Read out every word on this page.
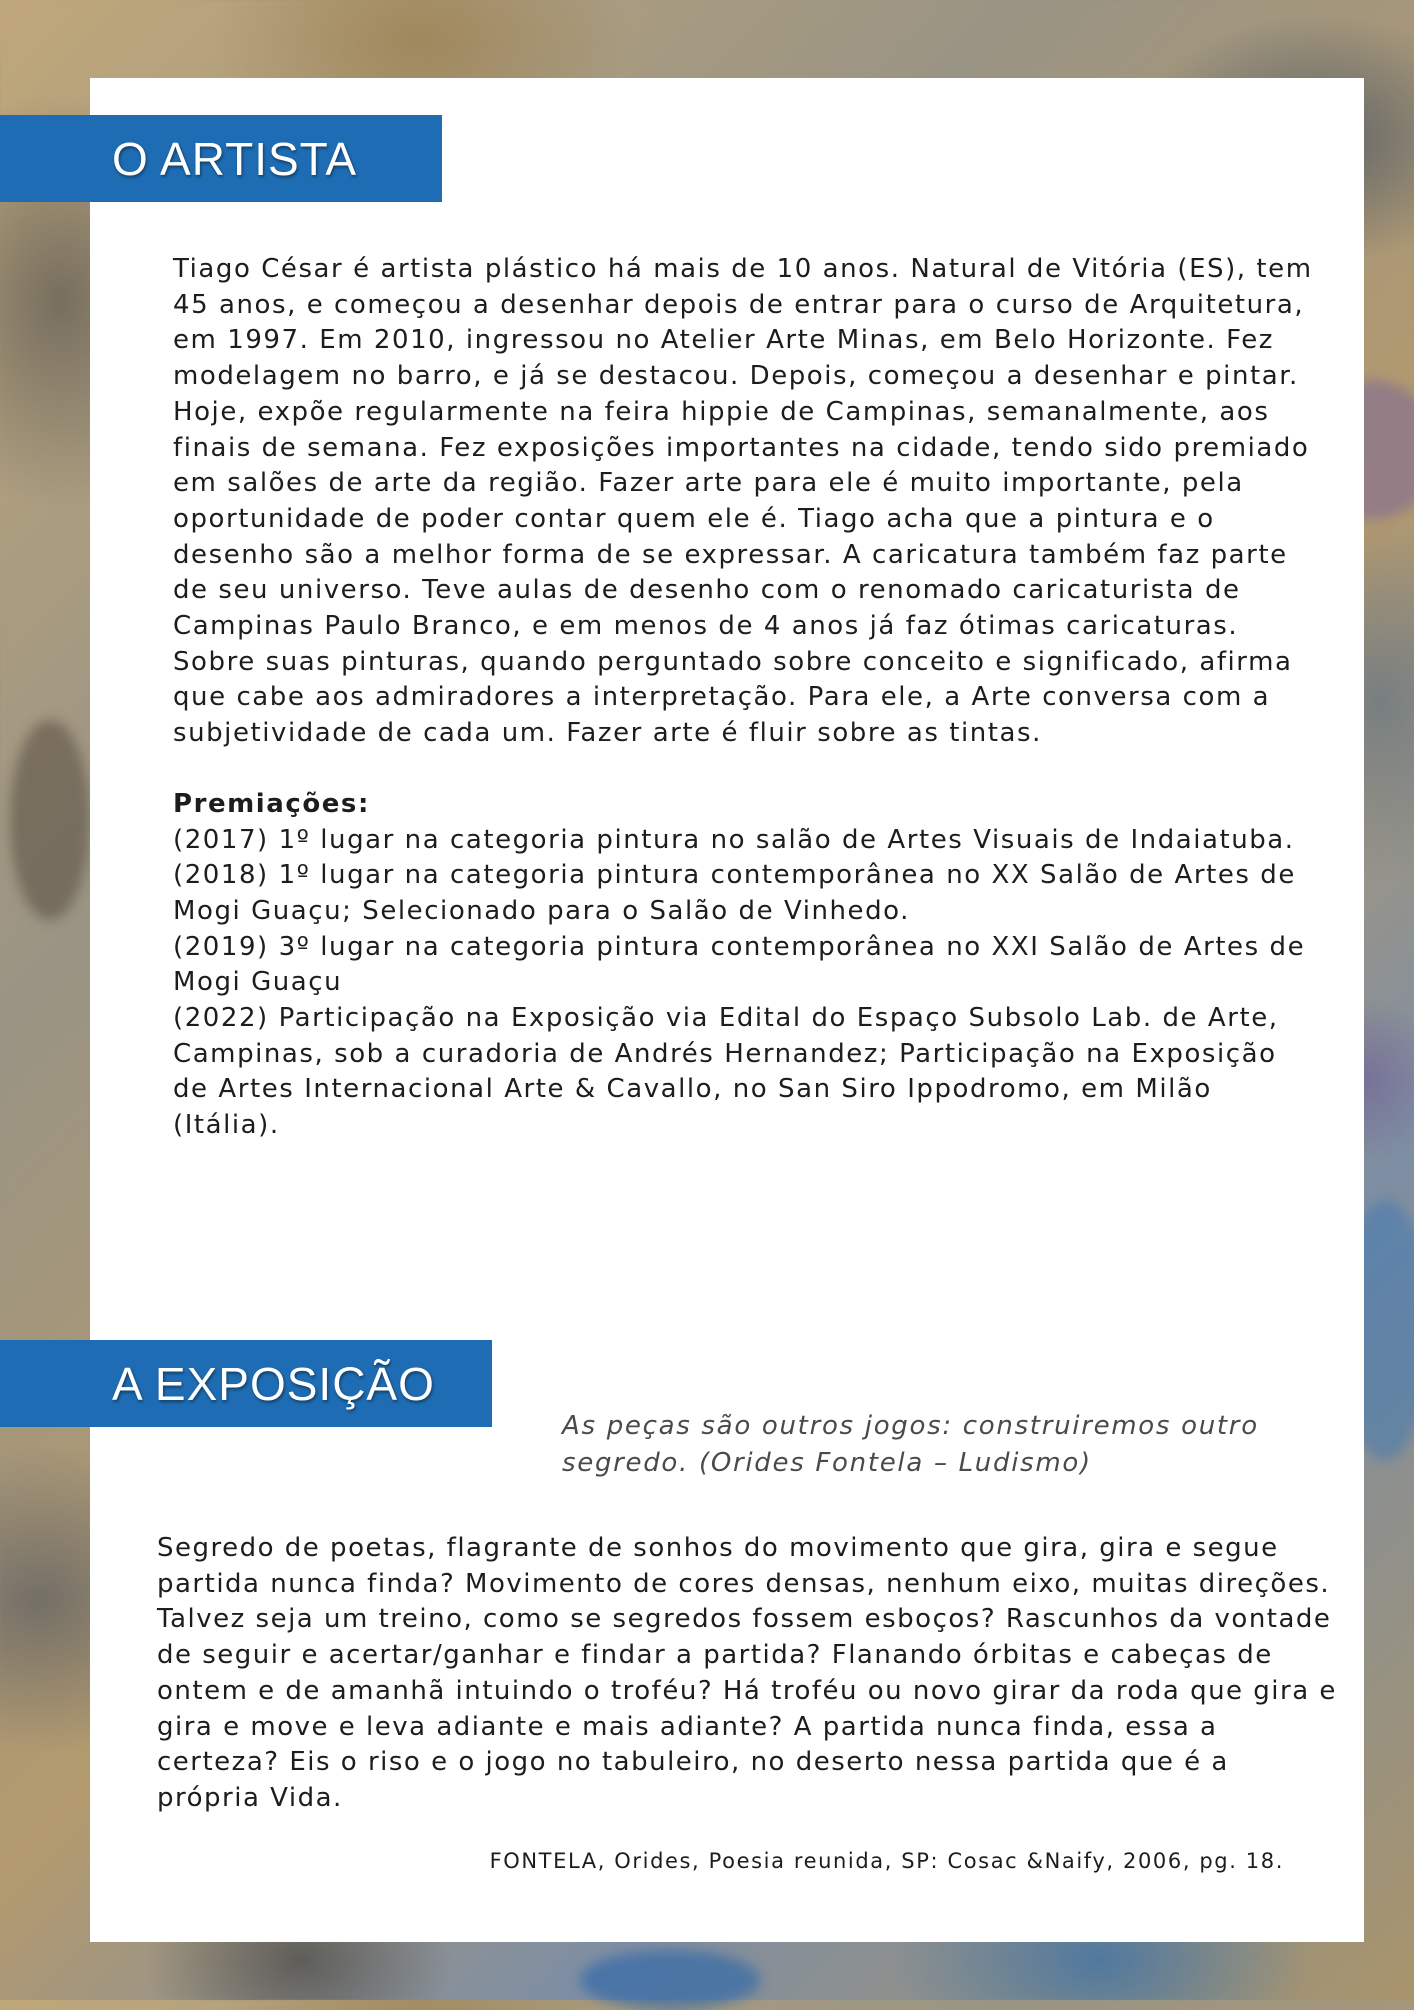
O ARTISTA

Tiago César é artista plástico há mais de 10 anos. Natural de Vitória (ES), tem 45 anos, e começou a desenhar depois de entrar para o curso de Arquitetura, em 1997. Em 2010, ingressou no Atelier Arte Minas, em Belo Horizonte. Fez modelagem no barro, e já se destacou. Depois, começou a desenhar e pintar. Hoje, expõe regularmente na feira hippie de Campinas, semanalmente, aos finais de semana. Fez exposições importantes na cidade, tendo sido premiado em salões de arte da região. Fazer arte para ele é muito importante, pela oportunidade de poder contar quem ele é. Tiago acha que a pintura e o desenho são a melhor forma de se expressar. A caricatura também faz parte de seu universo. Teve aulas de desenho com o renomado caricaturista de Campinas Paulo Branco, e em menos de 4 anos já faz ótimas caricaturas. Sobre suas pinturas, quando perguntado sobre conceito e significado, afirma que cabe aos admiradores a interpretação. Para ele, a Arte conversa com a subjetividade de cada um. Fazer arte é fluir sobre as tintas.

Premiações:

(2017) 1º lugar na categoria pintura no salão de Artes Visuais de Indaiatuba.

(2018) 1º lugar na categoria pintura contemporânea no XX Salão de Artes de Mogi Guaçu; Selecionado para o Salão de Vinhedo.

(2019) 3º lugar na categoria pintura contemporânea no XXI Salão de Artes de Mogi Guaçu

(2022) Participação na Exposição via Edital do Espaço Subsolo Lab. de Arte, Campinas, sob a curadoria de Andrés Hernandez; Participação na Exposição de Artes Internacional Arte & Cavallo, no San Siro Ippodromo, em Milão (Itália).

A EXPOSIÇÃO
As peças são outros jogos: construiremos outro segredo. (Orides Fontela – Ludismo)

Segredo de poetas, flagrante de sonhos do movimento que gira, gira e segue partida nunca finda? Movimento de cores densas, nenhum eixo, muitas direções. Talvez seja um treino, como se segredos fossem esboços? Rascunhos da vontade de seguir e acertar/ganhar e findar a partida? Flanando órbitas e cabeças de ontem e de amanhã intuindo o troféu? Há troféu ou novo girar da roda que gira e gira e move e leva adiante e mais adiante? A partida nunca finda, essa a certeza? Eis o riso e o jogo no tabuleiro, no deserto nessa partida que é a própria Vida.

FONTELA, Orides, Poesia reunida, SP: Cosac &Naify, 2006, pg. 18.
